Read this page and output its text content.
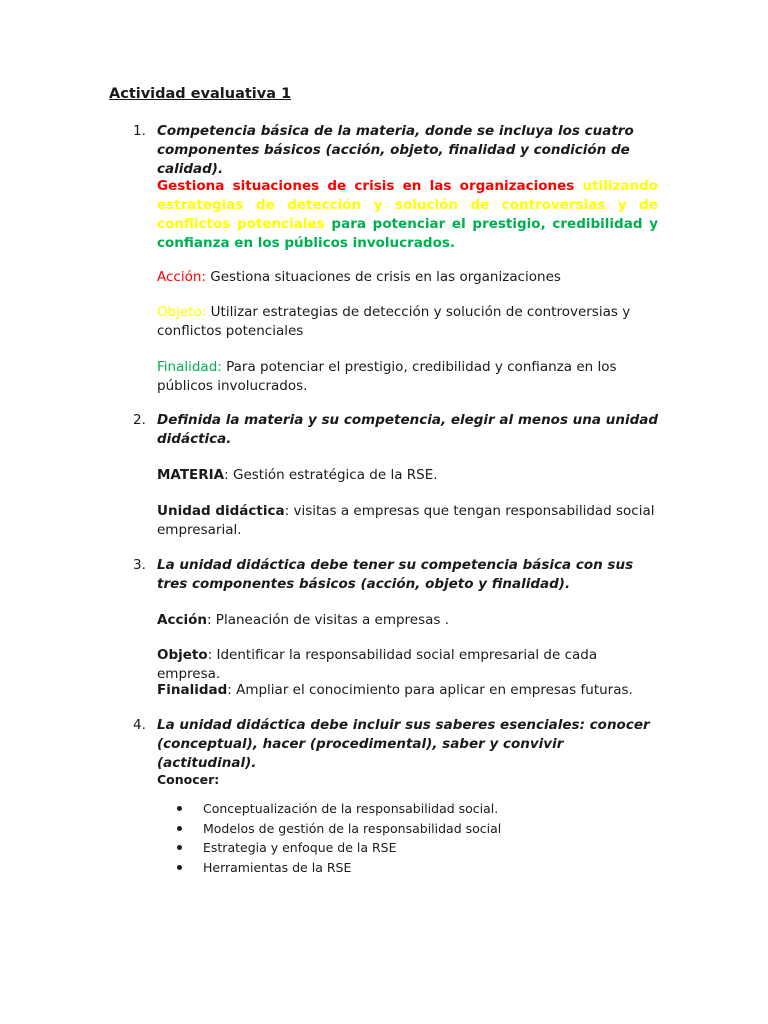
Actividad evaluativa 1
1. Competencia básica de la materia, donde se incluya los cuatro componentes básicos (acción, objeto, finalidad y condición de calidad).

Gestiona situaciones de crisis en las organizaciones utilizando estrategias de detección y solución de controversias y de conflictos potenciales para potenciar el prestigio, credibilidad y confianza en los públicos involucrados.
Acción: Gestiona situaciones de crisis en las organizaciones
Objeto: Utilizar estrategias de detección y solución de controversias y conflictos potenciales
Finalidad: Para potenciar el prestigio, credibilidad y confianza en los públicos involucrados.
2. Definida la materia y su competencia, elegir al menos una unidad didáctica.

MATERIA: Gestión estratégica de la RSE.
Unidad didáctica: visitas a empresas que tengan responsabilidad social empresarial.
3. La unidad didáctica debe tener su competencia básica con sus tres componentes básicos (acción, objeto y finalidad).

Acción: Planeación de visitas a empresas .
Objeto: Identificar la responsabilidad social empresarial de cada empresa.
Finalidad: Ampliar el conocimiento para aplicar en empresas futuras.
4. La unidad didáctica debe incluir sus saberes esenciales: conocer (conceptual), hacer (procedimental), saber y convivir (actitudinal).

Conocer:
Conceptualización de la responsabilidad social.
Modelos de gestión de la responsabilidad social
Estrategia y enfoque de la RSE
Herramientas de la RSE
